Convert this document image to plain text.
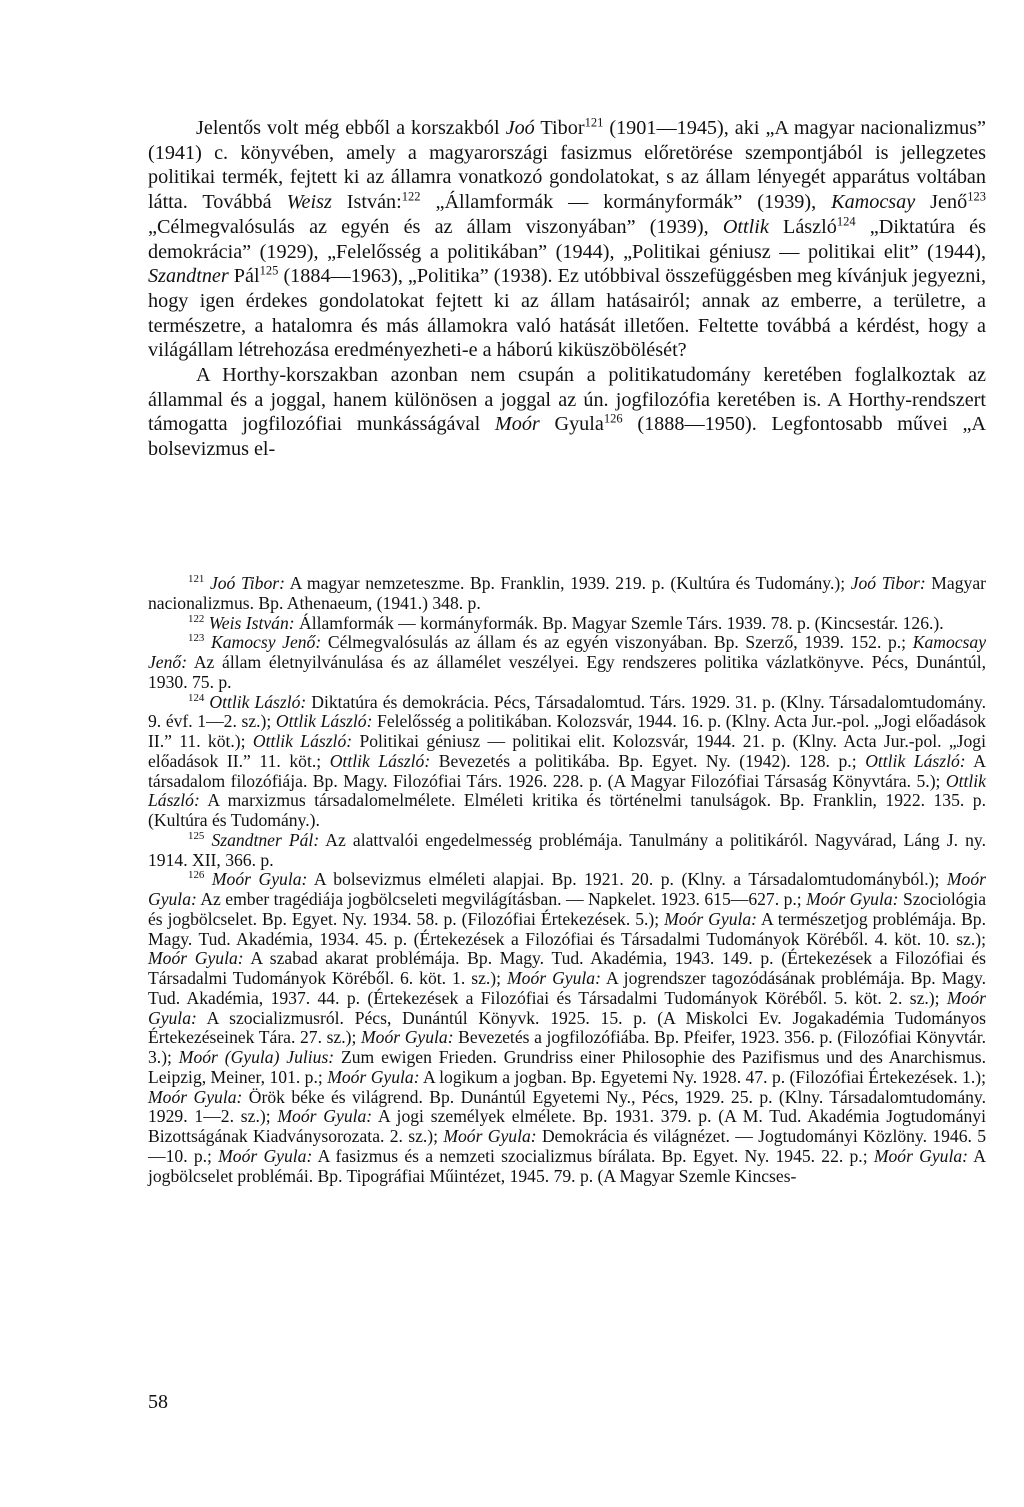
Jelentős volt még ebből a korszakból Joó Tibor$^{121}$ (1901—1945), aki „A magyar nacionalizmus” (1941) c. könyvében, amely a magyarországi fasizmus előretörése szempontjából is jellegzetes politikai termék, fejtett ki az államra vonatkozó gondolatokat, s az állam lényegét apparátus voltában látta. Továbbá Weisz István:$^{122}$ „Államformák — kormányformák” (1939), Kamocsay Jenő$^{123}$ „Célmegvalósulás az egyén és az állam viszonyában” (1939), Ottlik László$^{124}$ „Diktatúra és demokrácia” (1929), „Felelősség a politikában” (1944), „Politikai géniusz — politikai elit” (1944), Szandtner Pál$^{125}$ (1884—1963), „Politika” (1938). Ez utóbbival összefüggésben meg kívánjuk jegyezni, hogy igen érdekes gondolatokat fejtett ki az állam hatásairól; annak az emberre, a területre, a természetre, a hatalomra és más államokra való hatását illetően. Feltette továbbá a kérdést, hogy a világállam létrehozása eredményezheti-e a háború kiküszöbölését?

A Horthy-korszakban azonban nem csupán a politikatudomány keretében foglalkoztak az állammal és a joggal, hanem különösen a joggal az ún. jogfilozófia keretében is. A Horthy-rendszert támogatta jogfilozófiai munkásságával Moór Gyula$^{126}$ (1888—1950). Legfontosabb művei „A bolsevizmus el-

$^{121}$ Joó Tibor: A magyar nemzeteszme. Bp. Franklin, 1939. 219. p. (Kultúra és Tudomány.); Joó Tibor: Magyar nacionalizmus. Bp. Athenaeum, (1941.) 348. p.

$^{122}$ Weis István: Államformák — kormányformák. Bp. Magyar Szemle Társ. 1939. 78. p. (Kincsestár. 126.).

$^{123}$ Kamocsy Jenő: Célmegvalósulás az állam és az egyén viszonyában. Bp. Szerző, 1939. 152. p.; Kamocsay Jenő: Az állam életnyilvánulása és az államélet veszélyei. Egy rendszeres politika vázlatkönyve. Pécs, Dunántúl, 1930. 75. p.

$^{124}$ Ottlik László: Diktatúra és demokrácia. Pécs, Társadalomtud. Társ. 1929. 31. p. (Klny. Társadalomtudomány. 9. évf. 1—2. sz.); Ottlik László: Felelősség a politikában. Kolozsvár, 1944. 16. p. (Klny. Acta Jur.-pol. „Jogi előadások II.” 11. köt.); Ottlik László: Politikai géniusz — politikai elit. Kolozsvár, 1944. 21. p. (Klny. Acta Jur.-pol. „Jogi előadások II.” 11. köt.; Ottlik László: Bevezetés a politikába. Bp. Egyet. Ny. (1942). 128. p.; Ottlik László: A társadalom filozófiája. Bp. Magy. Filozófiai Társ. 1926. 228. p. (A Magyar Filozófiai Társaság Könyvtára. 5.); Ottlik László: A marxizmus társadalomelmélete. Elméleti kritika és történelmi tanulságok. Bp. Franklin, 1922. 135. p. (Kultúra és Tudomány.).

$^{125}$ Szandtner Pál: Az alattvalói engedelmesség problémája. Tanulmány a politikáról. Nagyvárad, Láng J. ny. 1914. XII, 366. p.

$^{126}$ Moór Gyula: A bolsevizmus elméleti alapjai. Bp. 1921. 20. p. (Klny. a Társadalomtudományból.); Moór Gyula: Az ember tragédiája jogbölcseleti megvilágításban. — Napkelet. 1923. 615—627. p.; Moór Gyula: Szociológia és jogbölcselet. Bp. Egyet. Ny. 1934. 58. p. (Filozófiai Értekezések. 5.); Moór Gyula: A természetjog problémája. Bp. Magy. Tud. Akadémia, 1934. 45. p. (Értekezések a Filozófiai és Társadalmi Tudományok Köréből. 4. köt. 10. sz.); Moór Gyula: A szabad akarat problémája. Bp. Magy. Tud. Akadémia, 1943. 149. p. (Értekezések a Filozófiai és Társadalmi Tudományok Köréből. 6. köt. 1. sz.); Moór Gyula: A jogrendszer tagozódásának problémája. Bp. Magy. Tud. Akadémia, 1937. 44. p. (Értekezések a Filozófiai és Társadalmi Tudományok Köréből. 5. köt. 2. sz.); Moór Gyula: A szocializmusról. Pécs, Dunántúl Könyvk. 1925. 15. p. (A Miskolci Ev. Jogakadémia Tudományos Értekezéseinek Tára. 27. sz.); Moór Gyula: Bevezetés a jogfilozófiába. Bp. Pfeifer, 1923. 356. p. (Filozófiai Könyvtár. 3.); Moór (Gyula) Julius: Zum ewigen Frieden. Grundriss einer Philosophie des Pazifismus und des Anarchismus. Leipzig, Meiner, 101. p.; Moór Gyula: A logikum a jogban. Bp. Egyetemi Ny. 1928. 47. p. (Filozófiai Értekezések. 1.); Moór Gyula: Örök béke és világrend. Bp. Dunántúl Egyetemi Ny., Pécs, 1929. 25. p. (Klny. Társadalomtudomány. 1929. 1—2. sz.); Moór Gyula: A jogi személyek elmélete. Bp. 1931. 379. p. (A M. Tud. Akadémia Jogtudományi Bizottságának Kiadványsorozata. 2. sz.); Moór Gyula: Demokrácia és világnézet. — Jogtudományi Közlöny. 1946. 5—10. p.; Moór Gyula: A fasizmus és a nemzeti szocializmus bírálata. Bp. Egyet. Ny. 1945. 22. p.; Moór Gyula: A jogbölcselet problémái. Bp. Tipográfiai Műintézet, 1945. 79. p. (A Magyar Szemle Kincses-

58
